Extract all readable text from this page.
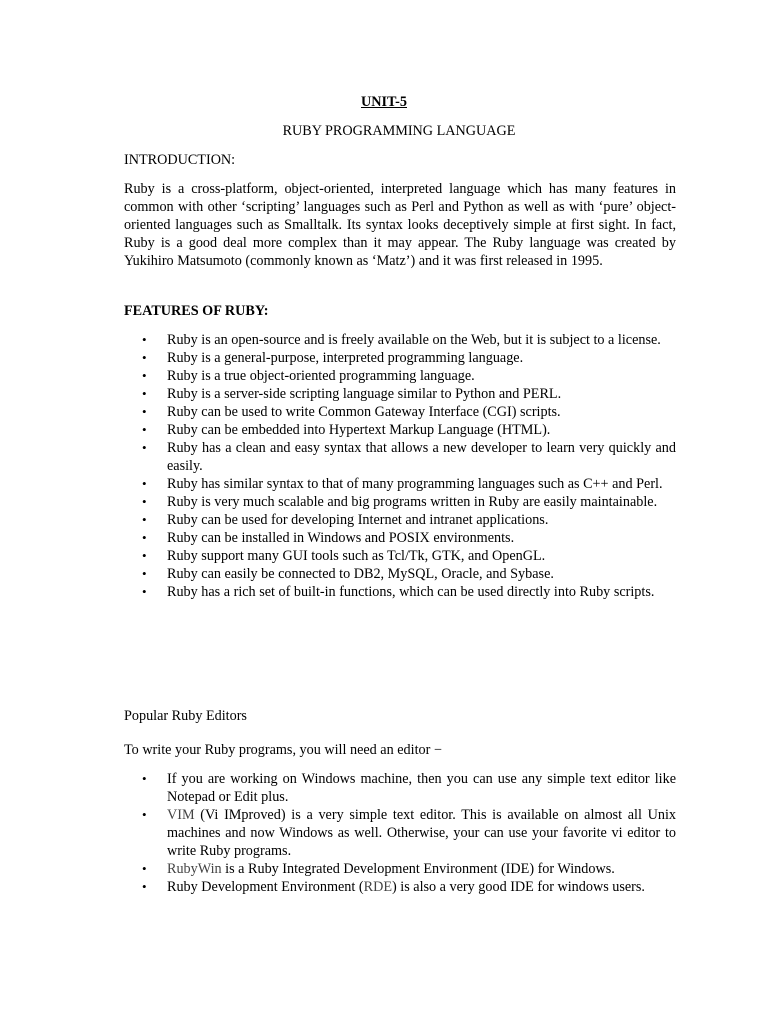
UNIT-5
RUBY PROGRAMMING LANGUAGE
INTRODUCTION:

Ruby is a cross-platform, object-oriented, interpreted language which has many features in common with other ‘scripting’ languages such as Perl and Python as well as with ‘pure’ object-oriented languages such as Smalltalk. Its syntax looks deceptively simple at first sight. In fact, Ruby is a good deal more complex than it may appear. The Ruby language was created by Yukihiro Matsumoto (commonly known as ‘Matz’) and it was first released in 1995.

FEATURES OF RUBY:
• Ruby is an open-source and is freely available on the Web, but it is subject to a license.
• Ruby is a general-purpose, interpreted programming language.
• Ruby is a true object-oriented programming language.
• Ruby is a server-side scripting language similar to Python and PERL.
• Ruby can be used to write Common Gateway Interface (CGI) scripts.
• Ruby can be embedded into Hypertext Markup Language (HTML).
• Ruby has a clean and easy syntax that allows a new developer to learn very quickly and easily.
• Ruby has similar syntax to that of many programming languages such as C++ and Perl.
• Ruby is very much scalable and big programs written in Ruby are easily maintainable.
• Ruby can be used for developing Internet and intranet applications.
• Ruby can be installed in Windows and POSIX environments.
• Ruby support many GUI tools such as Tcl/Tk, GTK, and OpenGL.
• Ruby can easily be connected to DB2, MySQL, Oracle, and Sybase.
• Ruby has a rich set of built-in functions, which can be used directly into Ruby scripts.
Popular Ruby Editors

To write your Ruby programs, you will need an editor −

• If you are working on Windows machine, then you can use any simple text editor like Notepad or Edit plus.
• VIM (Vi IMproved) is a very simple text editor. This is available on almost all Unix machines and now Windows as well. Otherwise, your can use your favorite vi editor to write Ruby programs.
• RubyWin is a Ruby Integrated Development Environment (IDE) for Windows.
• Ruby Development Environment (RDE) is also a very good IDE for windows users.
